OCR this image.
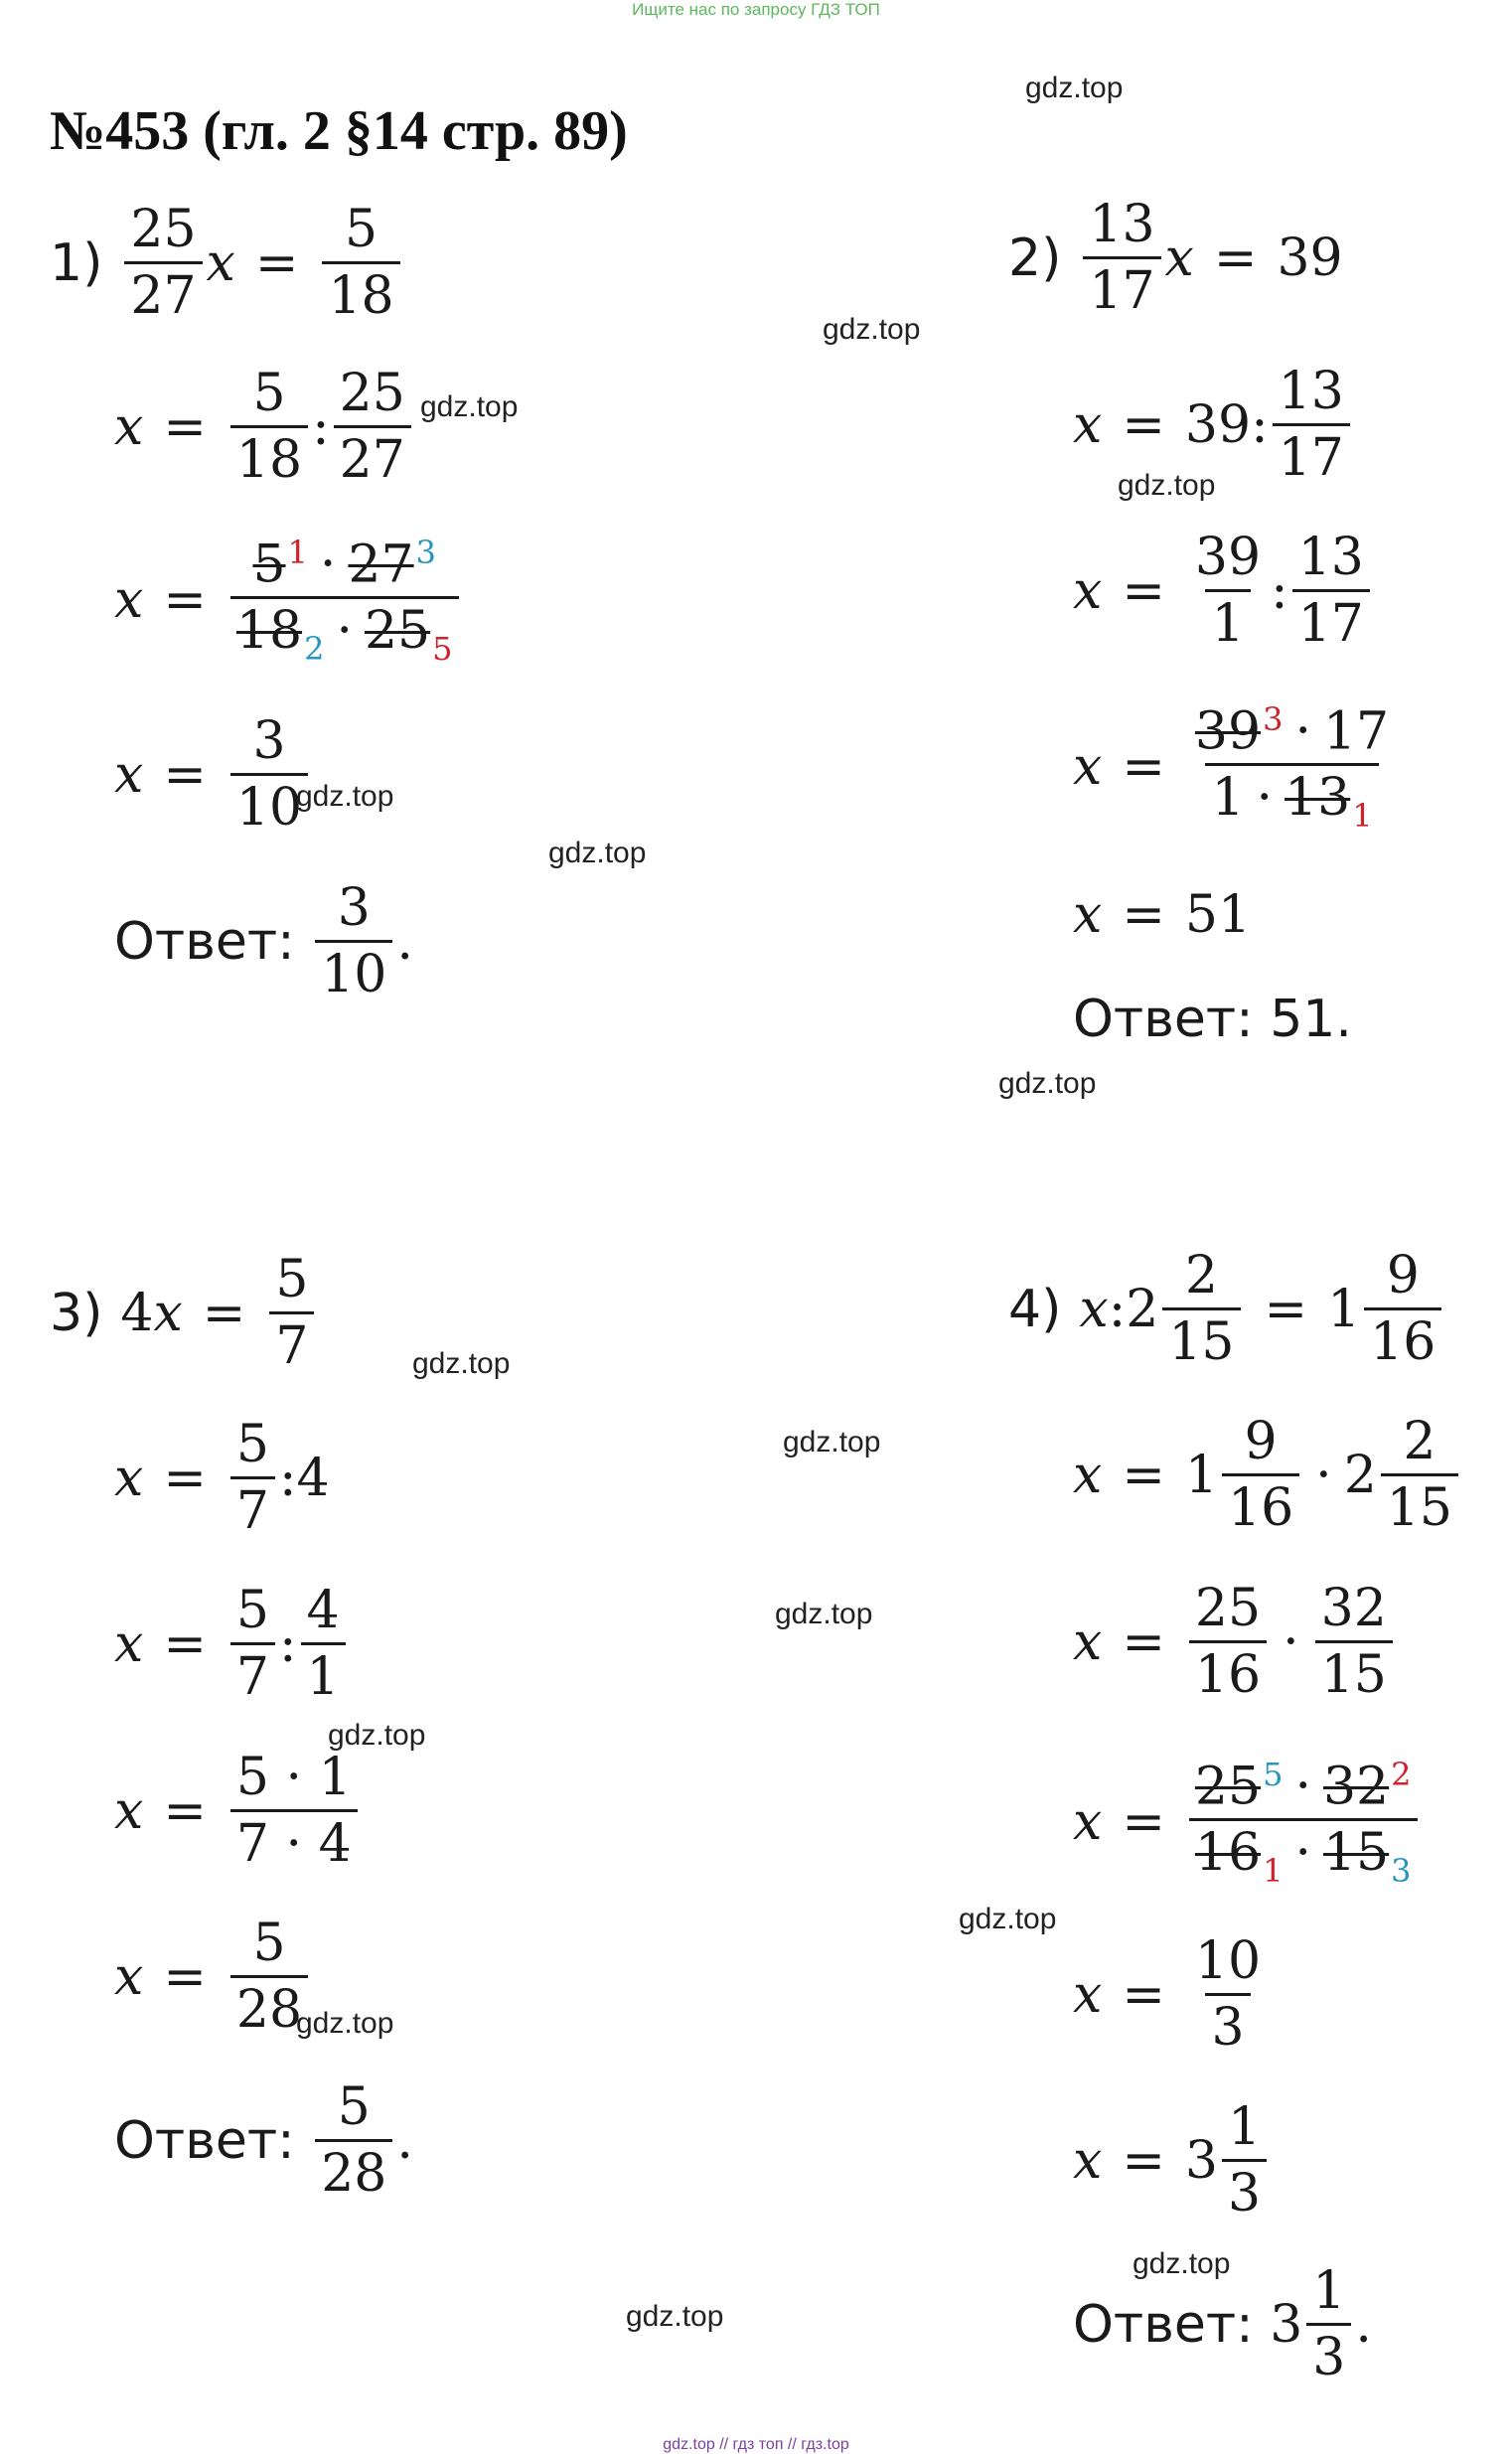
Ищите нас по запросу ГДЗ ТОП
№453 (гл. 2 §14 стр. 89)
gdz.top
gdz.top
gdz.top
gdz.top
gdz.top
gdz.top
gdz.top
gdz.top
gdz.top
gdz.top
gdz.top
gdz.top
gdz.top
gdz.top
gdz.top
$1) \frac{25}{27}$ $x = \frac{5}{18}$
$x = \frac{5}{18}$ : $\frac{25}{27}$
$x = \frac{5^1 \cdot 27^3}{18_2 \cdot 25_5}$
$x = \frac{3}{10}$
Ответ:
$\frac{3}{10}$ .
$2) \frac{13}{17}$ x = 39
x = 39 : $\frac{13}{17}$
$x = \frac{39}{1}$ : $\frac{13}{17}$
$x = \frac{39^3 \cdot 17}{1 \cdot 13_1}$
x = 51
Ответ:
51.
3) 4 $x = \frac{5}{7}$
$x = \frac{5}{7}$ : 4
$x = \frac{5}{7}$ : $\frac{4}{1}$
$x = \frac{5 \cdot 1}{7 \cdot 4}$
$x = \frac{5}{28}$
Ответ:
$\frac{5}{28}$ .
4) x : $2 \frac{2}{15} = 1 \frac{9}{16}$
$x = 1 \frac{9}{16} \cdot 2 \frac{2}{15}$
$x = \frac{25}{16} \cdot \frac{32}{15}$
$x = \frac{25^5 \cdot 32^2}{16_1 \cdot 15_3}$
$x = \frac{10}{3}$
$x = 3 \frac{1}{3}$
Ответ:
$3 \frac{1}{3}$ .
gdz.top // гдз топ // гдз.top
